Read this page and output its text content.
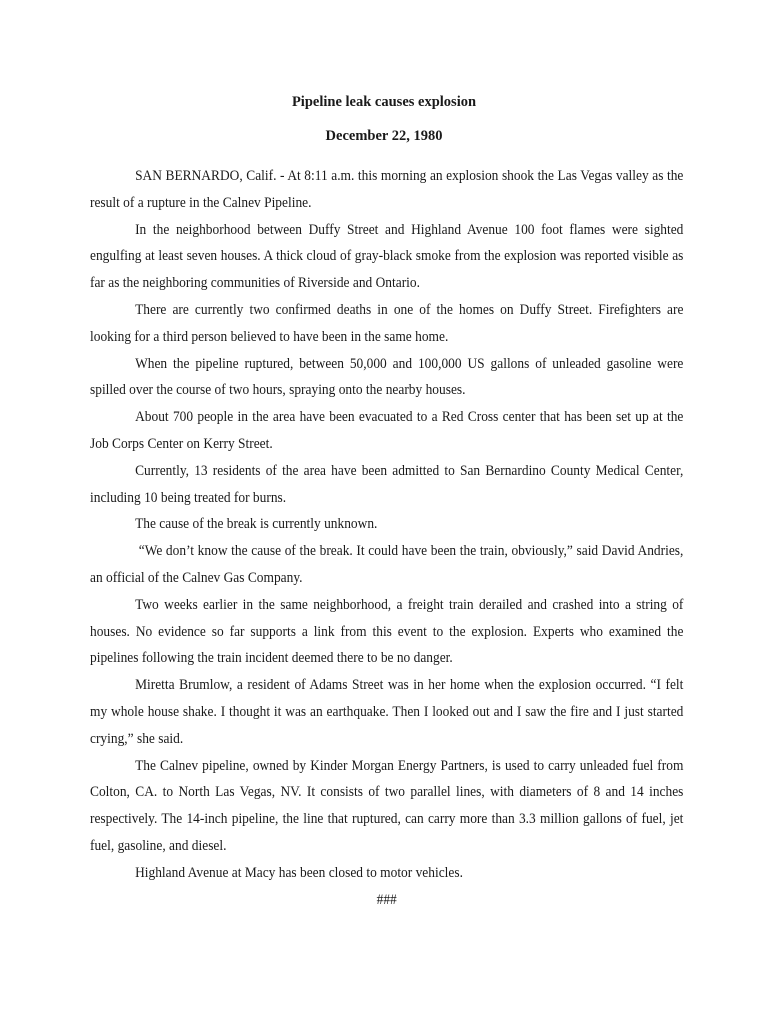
Pipeline leak causes explosion
December 22, 1980

SAN BERNARDO, Calif. - At 8:11 a.m. this morning an explosion shook the Las Vegas valley as the result of a rupture in the Calnev Pipeline.

In the neighborhood between Duffy Street and Highland Avenue 100 foot flames were sighted engulfing at least seven houses. A thick cloud of gray-black smoke from the explosion was reported visible as far as the neighboring communities of Riverside and Ontario.

There are currently two confirmed deaths in one of the homes on Duffy Street. Firefighters are looking for a third person believed to have been in the same home.

When the pipeline ruptured, between 50,000 and 100,000 US gallons of unleaded gasoline were spilled over the course of two hours, spraying onto the nearby houses.

About 700 people in the area have been evacuated to a Red Cross center that has been set up at the Job Corps Center on Kerry Street.

Currently, 13 residents of the area have been admitted to San Bernardino County Medical Center, including 10 being treated for burns.

The cause of the break is currently unknown.

“We don’t know the cause of the break. It could have been the train, obviously,” said David Andries, an official of the Calnev Gas Company.

Two weeks earlier in the same neighborhood, a freight train derailed and crashed into a string of houses. No evidence so far supports a link from this event to the explosion. Experts who examined the pipelines following the train incident deemed there to be no danger.

Miretta Brumlow, a resident of Adams Street was in her home when the explosion occurred. “I felt my whole house shake. I thought it was an earthquake. Then I looked out and I saw the fire and I just started crying,” she said.

The Calnev pipeline, owned by Kinder Morgan Energy Partners, is used to carry unleaded fuel from Colton, CA. to North Las Vegas, NV. It consists of two parallel lines, with diameters of 8 and 14 inches respectively. The 14-inch pipeline, the line that ruptured, can carry more than 3.3 million gallons of fuel, jet fuel, gasoline, and diesel.

Highland Avenue at Macy has been closed to motor vehicles.

###
